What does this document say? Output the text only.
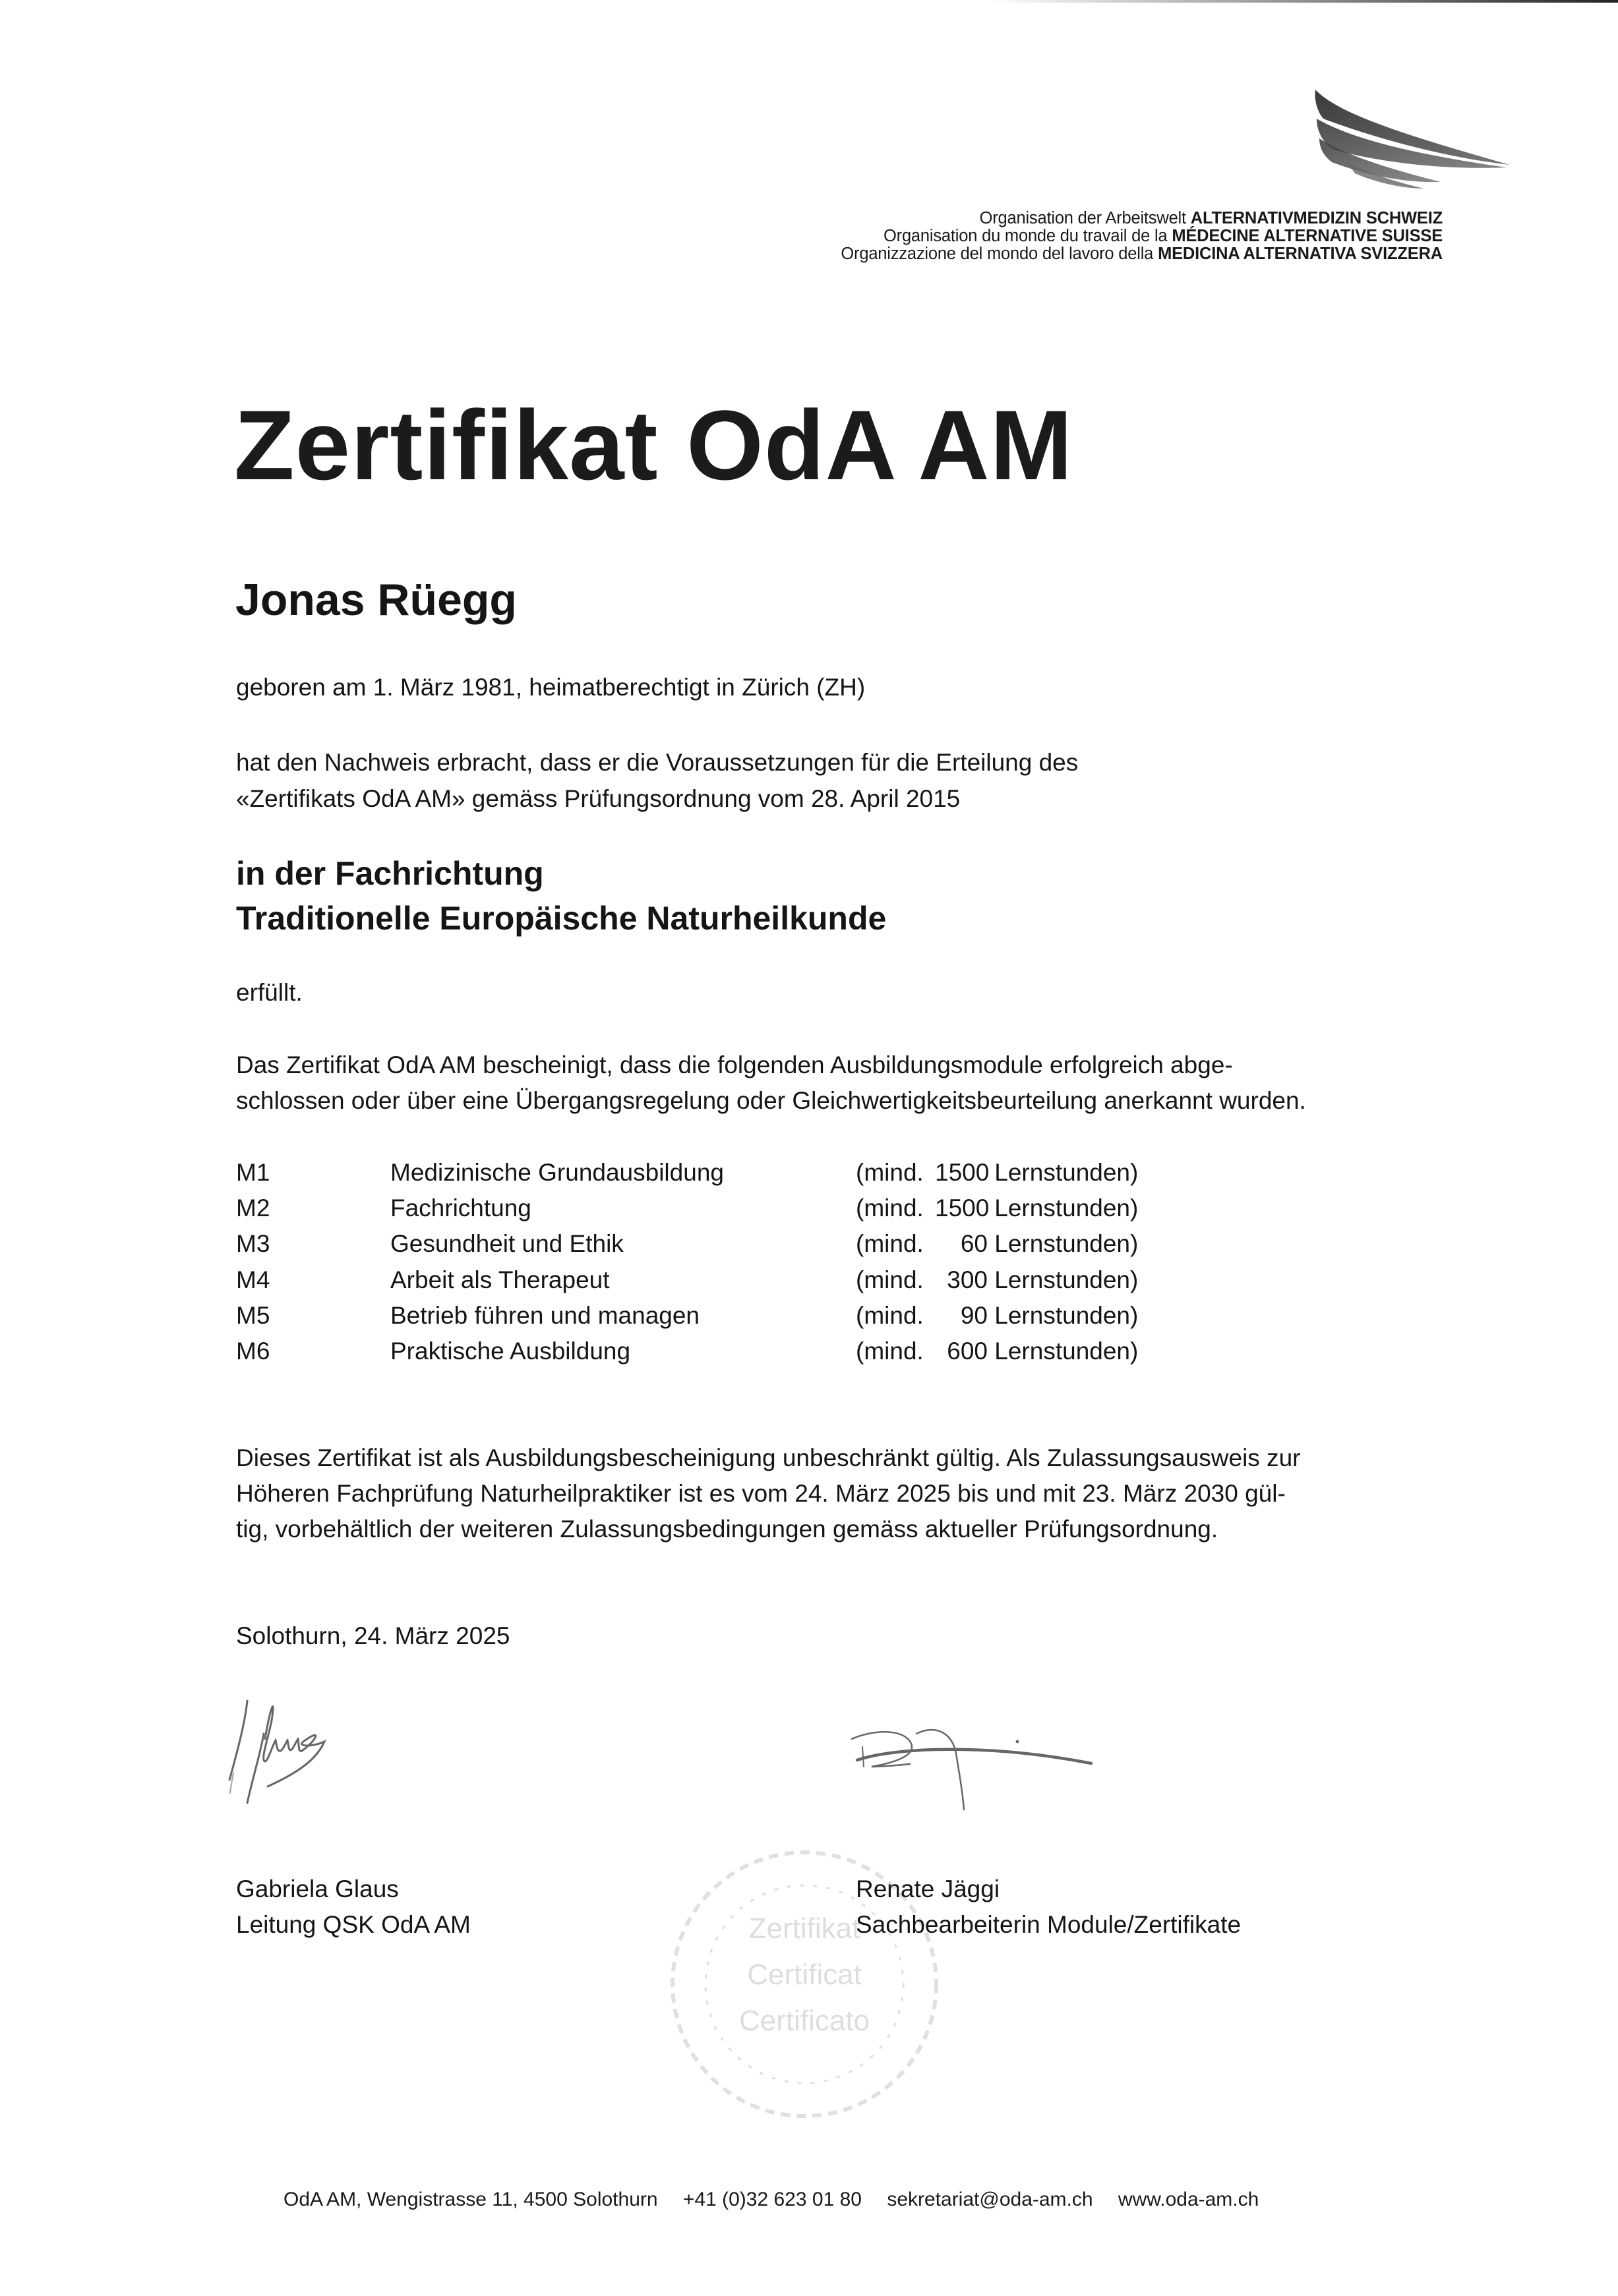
Organisation der Arbeitswelt ALTERNATIVMEDIZIN SCHWEIZ
Organisation du monde du travail de la MÉDECINE ALTERNATIVE SUISSE
Organizzazione del mondo del lavoro della MEDICINA ALTERNATIVA SVIZZERA
Zertifikat OdA AM
Jonas Rüegg
geboren am 1. März 1981, heimatberechtigt in Zürich (ZH)
hat den Nachweis erbracht, dass er die Voraussetzungen für die Erteilung des
«Zertifikats OdA AM» gemäss Prüfungsordnung vom 28. April 2015
in der Fachrichtung
Traditionelle Europäische Naturheilkunde
erfüllt.
Das Zertifikat OdA AM bescheinigt, dass die folgenden Ausbildungsmodule erfolgreich abge-
schlossen oder über eine Übergangsregelung oder Gleichwertigkeitsbeurteilung anerkannt wurden.
M1	Medizinische Grundausbildung	(mind. 1500 Lernstunden)
M2	Fachrichtung	(mind. 1500 Lernstunden)
M3	Gesundheit und Ethik	(mind. 60 Lernstunden)
M4	Arbeit als Therapeut	(mind. 300 Lernstunden)
M5	Betrieb führen und managen	(mind. 90 Lernstunden)
M6	Praktische Ausbildung	(mind. 600 Lernstunden)
Dieses Zertifikat ist als Ausbildungsbescheinigung unbeschränkt gültig. Als Zulassungsausweis zur
Höheren Fachprüfung Naturheilpraktiker ist es vom 24. März 2025 bis und mit 23. März 2030 gül-
tig, vorbehältlich der weiteren Zulassungsbedingungen gemäss aktueller Prüfungsordnung.
Solothurn, 24. März 2025
Zertifikat
Certificat
Certificato
Gabriela Glaus
Leitung QSK OdA AM
Renate Jäggi
Sachbearbeiterin Module/Zertifikate
OdA AM, Wengistrasse 11, 4500 Solothurn +41 (0)32 623 01 80 sekretariat@oda-am.ch www.oda-am.ch
